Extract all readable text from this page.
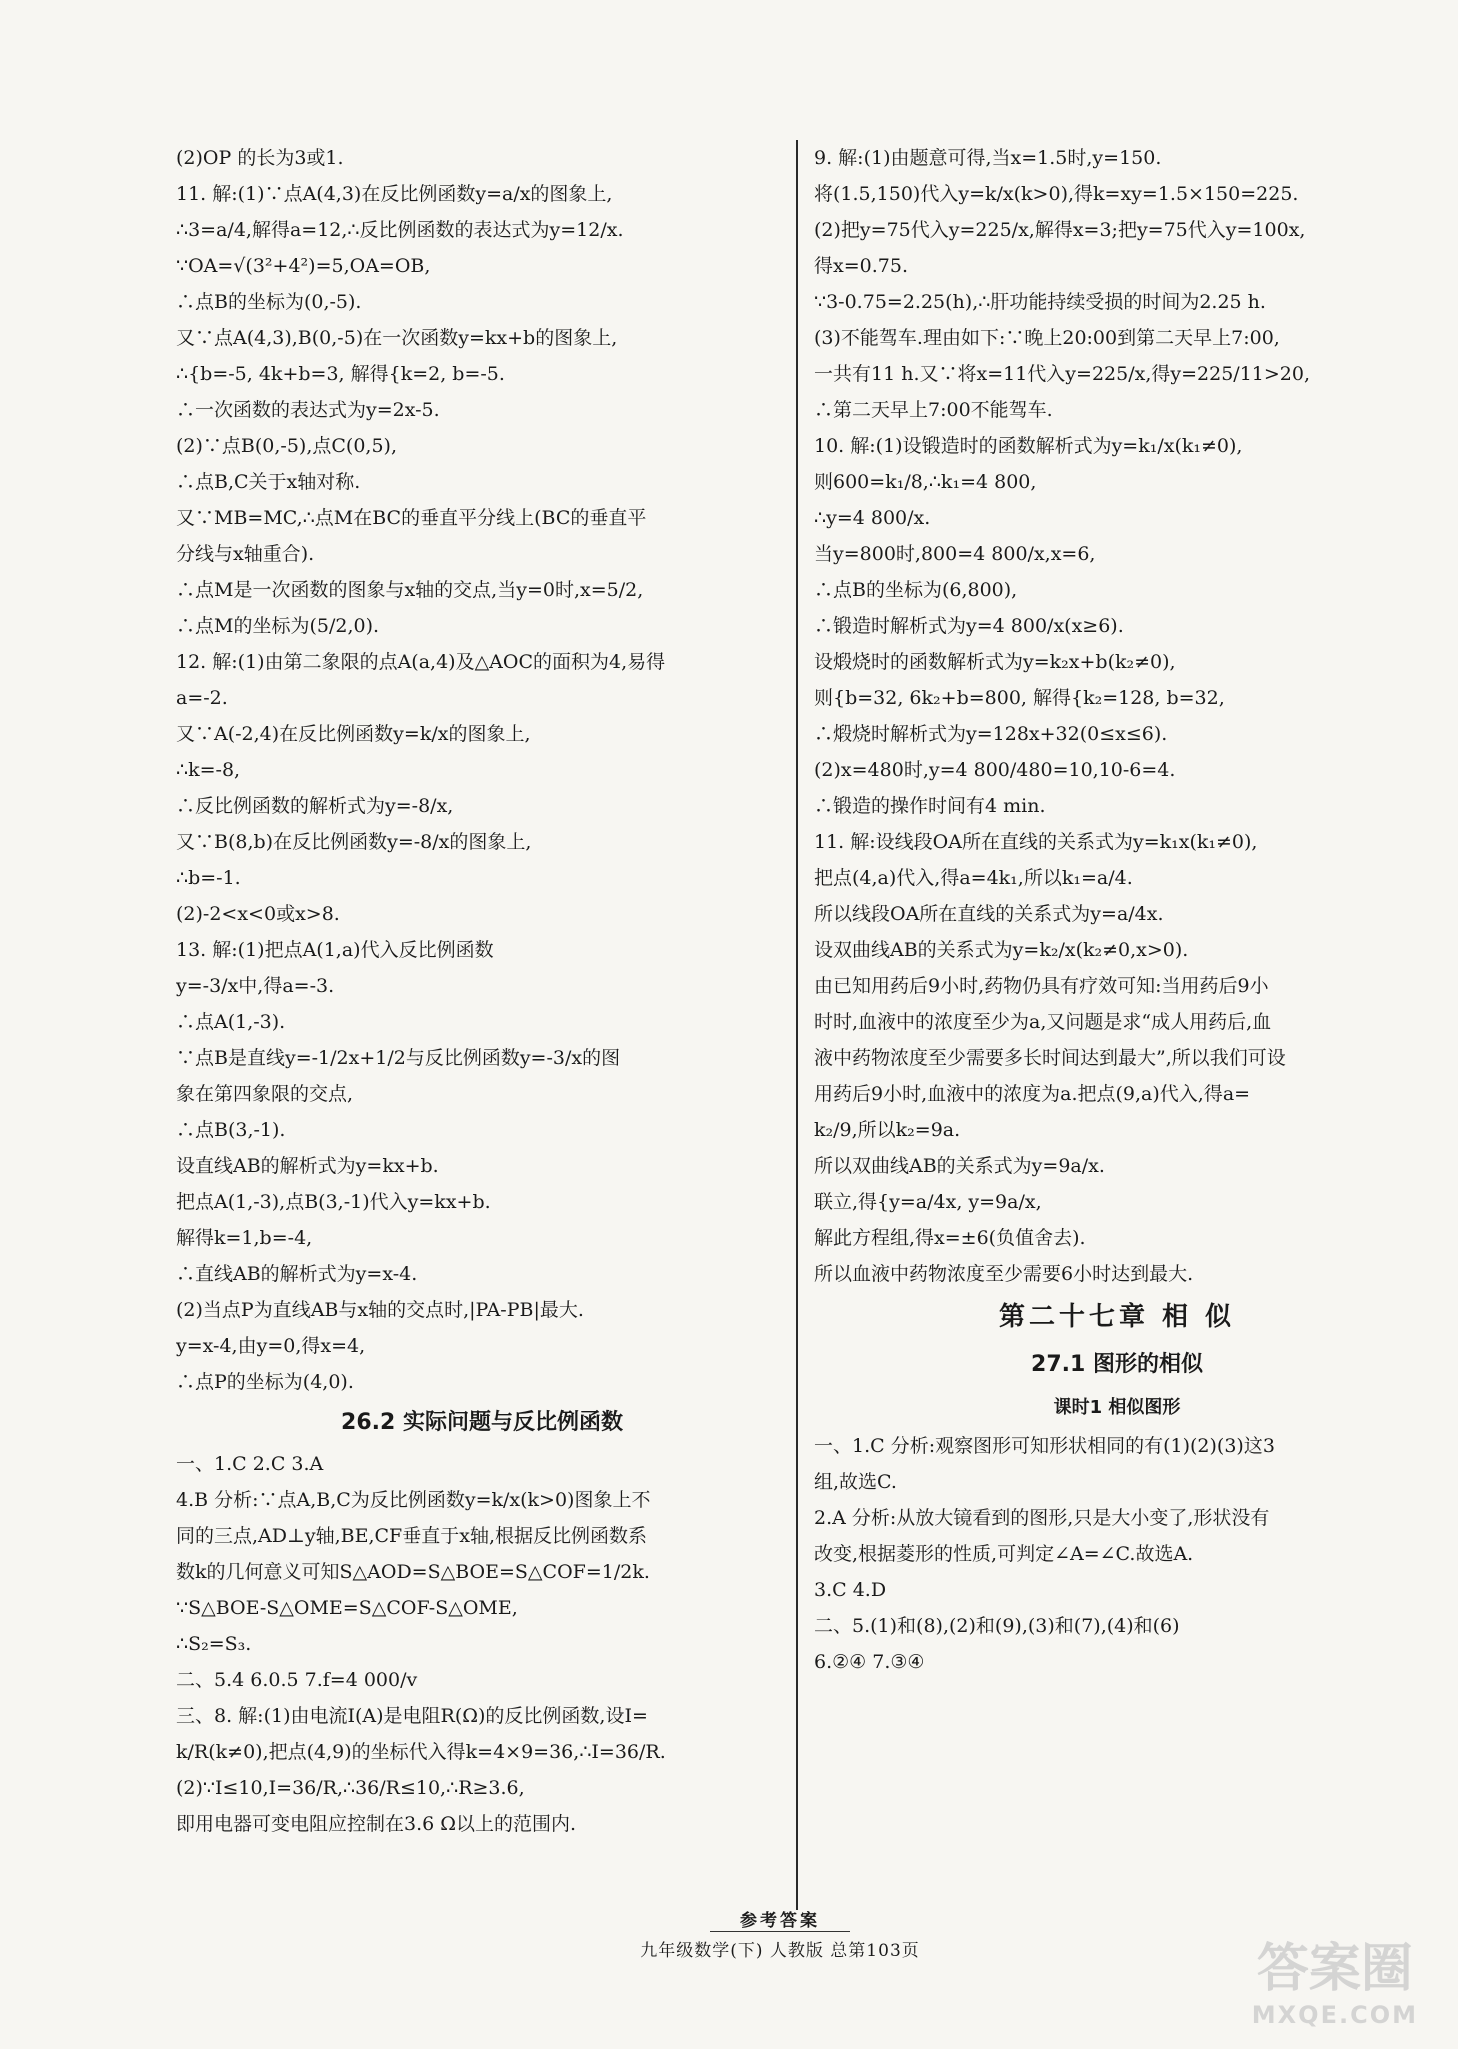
(2)OP 的长为3或1.
11. 解:(1)∵点A(4,3)在反比例函数y=a/x的图象上,
∴3=a/4,解得a=12,∴反比例函数的表达式为y=12/x.
∵OA=√(3²+4²)=5,OA=OB,
∴点B的坐标为(0,-5).
又∵点A(4,3),B(0,-5)在一次函数y=kx+b的图象上,
∴{b=-5, 4k+b=3, 解得{k=2, b=-5.
∴一次函数的表达式为y=2x-5.
(2)∵点B(0,-5),点C(0,5),
∴点B,C关于x轴对称.
又∵MB=MC,∴点M在BC的垂直平分线上(BC的垂直平
分线与x轴重合).
∴点M是一次函数的图象与x轴的交点,当y=0时,x=5/2,
∴点M的坐标为(5/2,0).
12. 解:(1)由第二象限的点A(a,4)及△AOC的面积为4,易得
a=-2.
又∵A(-2,4)在反比例函数y=k/x的图象上,
∴k=-8,
∴反比例函数的解析式为y=-8/x,
又∵B(8,b)在反比例函数y=-8/x的图象上,
∴b=-1.
(2)-2<x<0或x>8.
13. 解:(1)把点A(1,a)代入反比例函数
y=-3/x中,得a=-3.
∴点A(1,-3).
∵点B是直线y=-1/2x+1/2与反比例函数y=-3/x的图
象在第四象限的交点,
∴点B(3,-1).
设直线AB的解析式为y=kx+b.
把点A(1,-3),点B(3,-1)代入y=kx+b.
解得k=1,b=-4,
∴直线AB的解析式为y=x-4.
(2)当点P为直线AB与x轴的交点时,|PA-PB|最大.
y=x-4,由y=0,得x=4,
∴点P的坐标为(4,0).
26.2 实际问题与反比例函数
一、1.C 2.C 3.A
4.B 分析:∵点A,B,C为反比例函数y=k/x(k>0)图象上不
同的三点,AD⊥y轴,BE,CF垂直于x轴,根据反比例函数系
数k的几何意义可知S△AOD=S△BOE=S△COF=1/2k.
∵S△BOE-S△OME=S△COF-S△OME,
∴S₂=S₃.
二、5.4 6.0.5 7.f=4 000/v
三、8. 解:(1)由电流I(A)是电阻R(Ω)的反比例函数,设I=
k/R(k≠0),把点(4,9)的坐标代入得k=4×9=36,∴I=36/R.
(2)∵I≤10,I=36/R,∴36/R≤10,∴R≥3.6,
即用电器可变电阻应控制在3.6 Ω以上的范围内.
9. 解:(1)由题意可得,当x=1.5时,y=150.
将(1.5,150)代入y=k/x(k>0),得k=xy=1.5×150=225.
(2)把y=75代入y=225/x,解得x=3;把y=75代入y=100x,
得x=0.75.
∵3-0.75=2.25(h),∴肝功能持续受损的时间为2.25 h.
(3)不能驾车.理由如下:∵晚上20:00到第二天早上7:00,
一共有11 h.又∵将x=11代入y=225/x,得y=225/11>20,
∴第二天早上7:00不能驾车.
10. 解:(1)设锻造时的函数解析式为y=k₁/x(k₁≠0),
则600=k₁/8,∴k₁=4 800,
∴y=4 800/x.
当y=800时,800=4 800/x,x=6,
∴点B的坐标为(6,800),
∴锻造时解析式为y=4 800/x(x≥6).
设煅烧时的函数解析式为y=k₂x+b(k₂≠0),
则{b=32, 6k₂+b=800, 解得{k₂=128, b=32,
∴煅烧时解析式为y=128x+32(0≤x≤6).
(2)x=480时,y=4 800/480=10,10-6=4.
∴锻造的操作时间有4 min.
11. 解:设线段OA所在直线的关系式为y=k₁x(k₁≠0),
把点(4,a)代入,得a=4k₁,所以k₁=a/4.
所以线段OA所在直线的关系式为y=a/4x.
设双曲线AB的关系式为y=k₂/x(k₂≠0,x>0).
由已知用药后9小时,药物仍具有疗效可知:当用药后9小
时时,血液中的浓度至少为a,又问题是求“成人用药后,血
液中药物浓度至少需要多长时间达到最大”,所以我们可设
用药后9小时,血液中的浓度为a.把点(9,a)代入,得a=
k₂/9,所以k₂=9a.
所以双曲线AB的关系式为y=9a/x.
联立,得{y=a/4x, y=9a/x,
解此方程组,得x=±6(负值舍去).
所以血液中药物浓度至少需要6小时达到最大.
第二十七章 相 似
27.1 图形的相似
课时1 相似图形
一、1.C 分析:观察图形可知形状相同的有(1)(2)(3)这3
组,故选C.
2.A 分析:从放大镜看到的图形,只是大小变了,形状没有
改变,根据菱形的性质,可判定∠A=∠C.故选A.
3.C 4.D
二、5.(1)和(8),(2)和(9),(3)和(7),(4)和(6)
6.②④ 7.③④
参考答案
九年级数学(下) 人教版 总第103页	答案圈
MXQE.COM
